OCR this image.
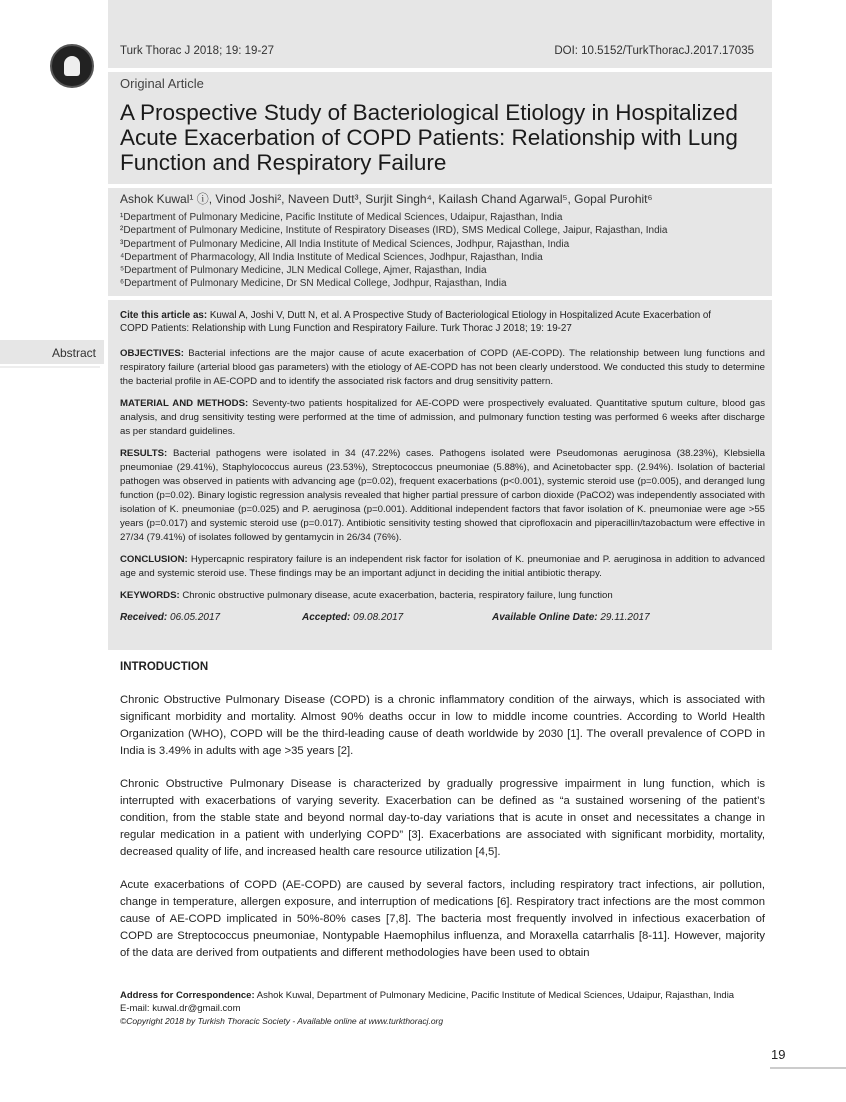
Turk Thorac J 2018; 19: 19-27	DOI: 10.5152/TurkThoracJ.2017.17035
Original Article
A Prospective Study of Bacteriological Etiology in Hospitalized Acute Exacerbation of COPD Patients: Relationship with Lung Function and Respiratory Failure
Ashok Kuwal¹ ⓘ, Vinod Joshi², Naveen Dutt³, Surjit Singh⁴, Kailash Chand Agarwal⁵, Gopal Purohit⁶
¹Department of Pulmonary Medicine, Pacific Institute of Medical Sciences, Udaipur, Rajasthan, India
²Department of Pulmonary Medicine, Institute of Respiratory Diseases (IRD), SMS Medical College, Jaipur, Rajasthan, India
³Department of Pulmonary Medicine, All India Institute of Medical Sciences, Jodhpur, Rajasthan, India
⁴Department of Pharmacology, All India Institute of Medical Sciences, Jodhpur, Rajasthan, India
⁵Department of Pulmonary Medicine, JLN Medical College, Ajmer, Rajasthan, India
⁶Department of Pulmonary Medicine, Dr SN Medical College, Jodhpur, Rajasthan, India
Cite this article as: Kuwal A, Joshi V, Dutt N, et al. A Prospective Study of Bacteriological Etiology in Hospitalized Acute Exacerbation of COPD Patients: Relationship with Lung Function and Respiratory Failure. Turk Thorac J 2018; 19: 19-27
Abstract OBJECTIVES: Bacterial infections are the major cause of acute exacerbation of COPD (AE-COPD). The relationship between lung functions and respiratory failure (arterial blood gas parameters) with the etiology of AE-COPD has not been clearly understood. We conducted this study to determine the bacterial profile in AE-COPD and to identify the associated risk factors and drug sensitivity pattern.

MATERIAL AND METHODS: Seventy-two patients hospitalized for AE-COPD were prospectively evaluated. Quantitative sputum culture, blood gas analysis, and drug sensitivity testing were performed at the time of admission, and pulmonary function testing was performed 6 weeks after discharge as per standard guidelines.

RESULTS: Bacterial pathogens were isolated in 34 (47.22%) cases. Pathogens isolated were Pseudomonas aeruginosa (38.23%), Klebsiella pneumoniae (29.41%), Staphylococcus aureus (23.53%), Streptococcus pneumoniae (5.88%), and Acinetobacter spp. (2.94%). Isolation of bacterial pathogen was observed in patients with advancing age (p=0.02), frequent exacerbations (p<0.001), systemic steroid use (p=0.005), and deranged lung function (p=0.02). Binary logistic regression analysis revealed that higher partial pressure of carbon dioxide (PaCO2) was independently associated with isolation of K. pneumoniae (p=0.025) and P. aeruginosa (p=0.001). Additional independent factors that favor isolation of K. pneumoniae were age >55 years (p=0.017) and systemic steroid use (p=0.017). Antibiotic sensitivity testing showed that ciprofloxacin and piperacillin/tazobactum were effective in 27/34 (79.41%) of isolates followed by gentamycin in 26/34 (76%).

CONCLUSION: Hypercapnic respiratory failure is an independent risk factor for isolation of K. pneumoniae and P. aeruginosa in addition to advanced age and systemic steroid use. These findings may be an important adjunct in deciding the initial antibiotic therapy.

KEYWORDS: Chronic obstructive pulmonary disease, acute exacerbation, bacteria, respiratory failure, lung function

Received: 06.05.2017	Accepted: 09.08.2017	Available Online Date: 29.11.2017
INTRODUCTION

Chronic Obstructive Pulmonary Disease (COPD) is a chronic inflammatory condition of the airways, which is associated with significant morbidity and mortality. Almost 90% deaths occur in low to middle income countries. According to World Health Organization (WHO), COPD will be the third-leading cause of death worldwide by 2030 [1]. The overall prevalence of COPD in India is 3.49% in adults with age >35 years [2].

Chronic Obstructive Pulmonary Disease is characterized by gradually progressive impairment in lung function, which is interrupted with exacerbations of varying severity. Exacerbation can be defined as “a sustained worsening of the patient’s condition, from the stable state and beyond normal day-to-day variations that is acute in onset and necessitates a change in regular medication in a patient with underlying COPD” [3]. Exacerbations are associated with significant morbidity, mortality, decreased quality of life, and increased health care resource utilization [4,5].

Acute exacerbations of COPD (AE-COPD) are caused by several factors, including respiratory tract infections, air pollution, change in temperature, allergen exposure, and interruption of medications [6]. Respiratory tract infections are the most common cause of AE-COPD implicated in 50%-80% cases [7,8]. The bacteria most frequently involved in infectious exacerbation of COPD are Streptococcus pneumoniae, Nontypable Haemophilus influenza, and Moraxella catarrhalis [8-11]. However, majority of the data are derived from outpatients and different methodologies have been used to obtain

Address for Correspondence: Ashok Kuwal, Department of Pulmonary Medicine, Pacific Institute of Medical Sciences, Udaipur, Rajasthan, India
E-mail: kuwal.dr@gmail.com
©Copyright 2018 by Turkish Thoracic Society - Available online at www.turkthoracj.org
19
